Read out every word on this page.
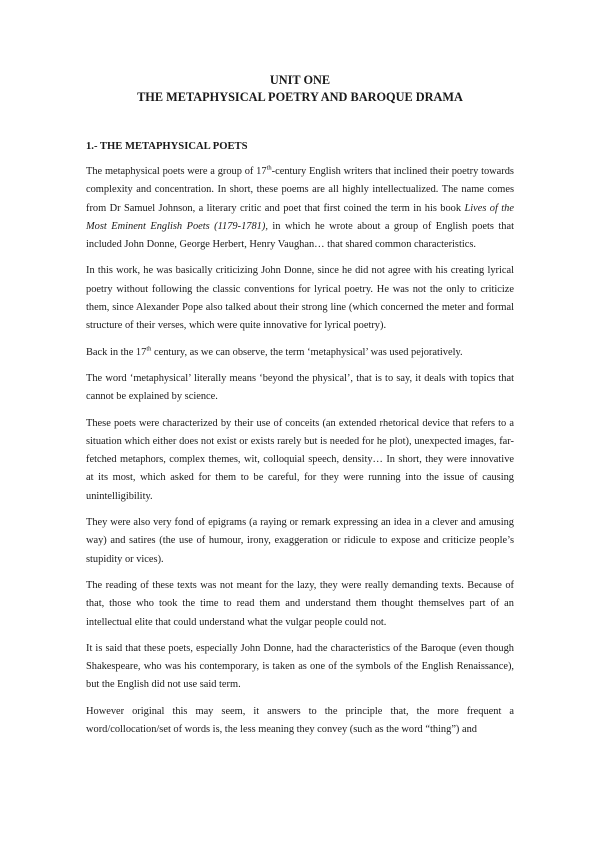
UNIT ONE

THE METAPHYSICAL POETRY AND BAROQUE DRAMA

1.- THE METAPHYSICAL POETS

The metaphysical poets were a group of 17th-century English writers that inclined their poetry towards complexity and concentration. In short, these poems are all highly intellectualized. The name comes from Dr Samuel Johnson, a literary critic and poet that first coined the term in his book Lives of the Most Eminent English Poets (1179-1781), in which he wrote about a group of English poets that included John Donne, George Herbert, Henry Vaughan… that shared common characteristics.

In this work, he was basically criticizing John Donne, since he did not agree with his creating lyrical poetry without following the classic conventions for lyrical poetry. He was not the only to criticize them, since Alexander Pope also talked about their strong line (which concerned the meter and formal structure of their verses, which were quite innovative for lyrical poetry).

Back in the 17th century, as we can observe, the term ‘metaphysical’ was used pejoratively.

The word ‘metaphysical’ literally means ‘beyond the physical’, that is to say, it deals with topics that cannot be explained by science.

These poets were characterized by their use of conceits (an extended rhetorical device that refers to a situation which either does not exist or exists rarely but is needed for he plot), unexpected images, far-fetched metaphors, complex themes, wit, colloquial speech, density… In short, they were innovative at its most, which asked for them to be careful, for they were running into the issue of causing unintelligibility.

They were also very fond of epigrams (a raying or remark expressing an idea in a clever and amusing way) and satires (the use of humour, irony, exaggeration or ridicule to expose and criticize people’s stupidity or vices).

The reading of these texts was not meant for the lazy, they were really demanding texts. Because of that, those who took the time to read them and understand them thought themselves part of an intellectual elite that could understand what the vulgar people could not.

It is said that these poets, especially John Donne, had the characteristics of the Baroque (even though Shakespeare, who was his contemporary, is taken as one of the symbols of the English Renaissance), but the English did not use said term.

However original this may seem, it answers to the principle that, the more frequent a word/collocation/set of words is, the less meaning they convey (such as the word “thing”) and
